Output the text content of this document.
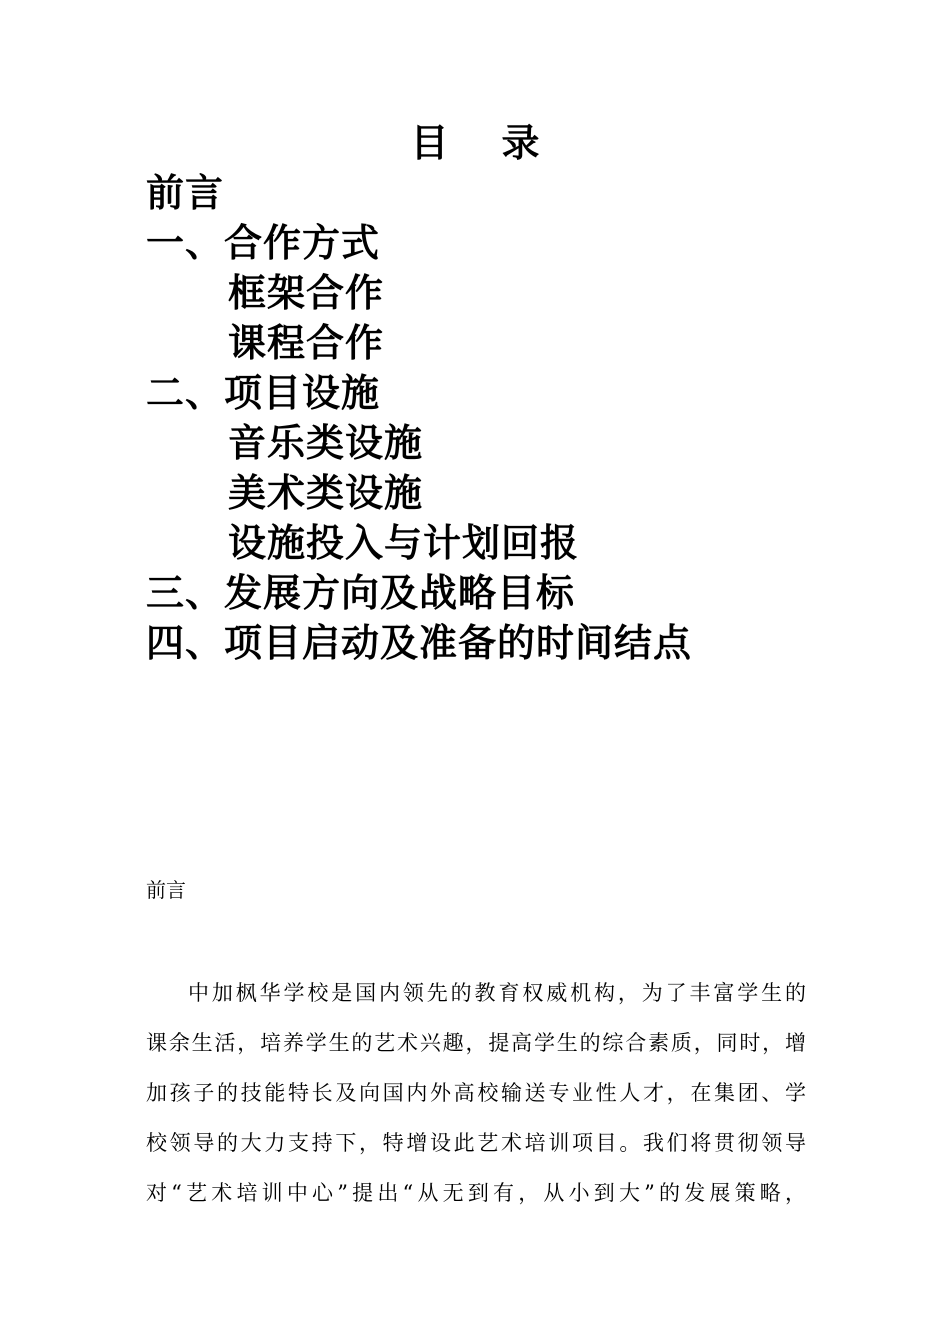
目    录
前言
一、合作方式
框架合作
课程合作
二、项目设施
音乐类设施
美术类设施
设施投入与计划回报
三、发展方向及战略目标
四、项目启动及准备的时间结点
前言
中加枫华学校是国内领先的教育权威机构，为了丰富学生的
课余生活，培养学生的艺术兴趣，提高学生的综合素质，同时，增
加孩子的技能特长及向国内外高校输送专业性人才，在集团、学
校领导的大力支持下，特增设此艺术培训项目。我们将贯彻领导
对“艺术培训中心”提出“从无到有，从小到大”的发展策略，
